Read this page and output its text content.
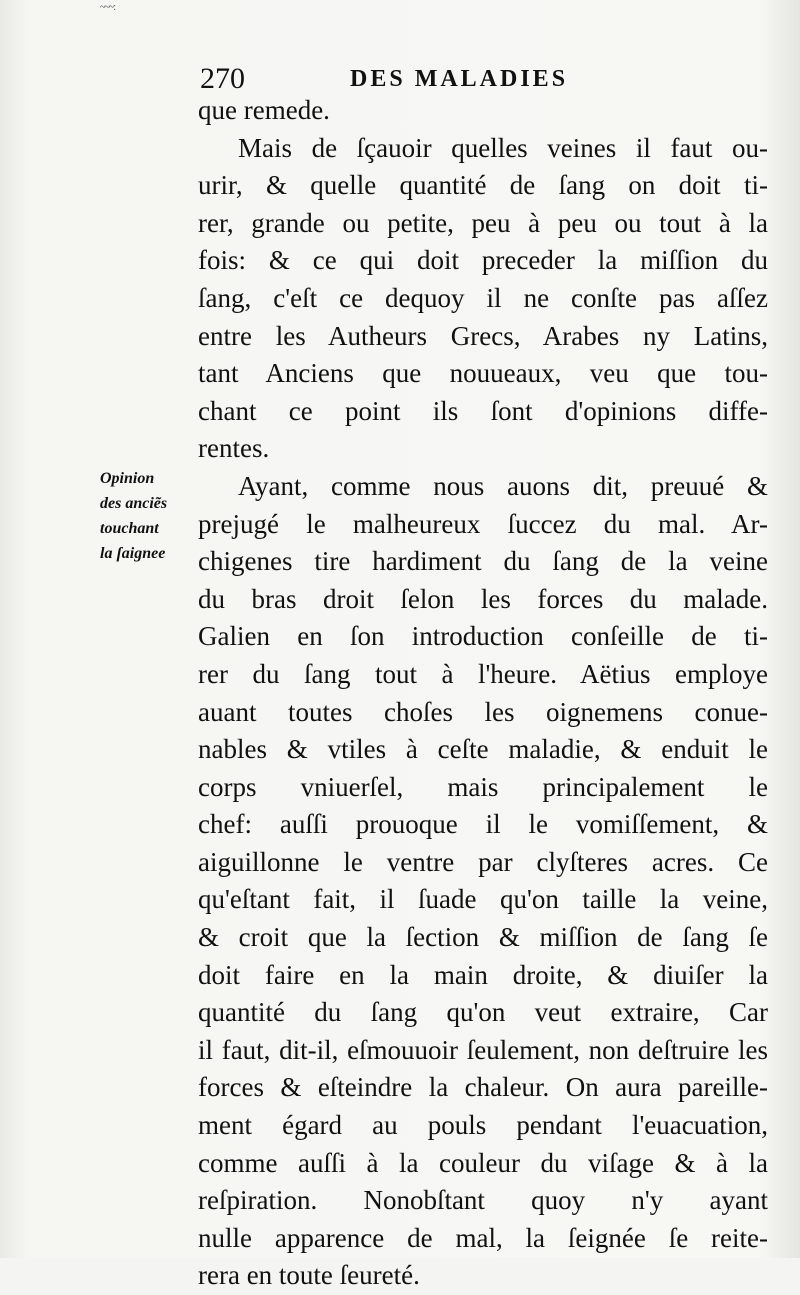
~~~:
270	DES MALADIES
Opinion
des anciẽs
touchant
la ſaignee
que remede.
Mais de ſçauoir quelles veines il faut ou-
urir, & quelle quantité de ſang on doit ti-
rer, grande ou petite, peu à peu ou tout à la
fois: & ce qui doit preceder la miſſion du
ſang, c'eſt ce dequoy il ne conſte pas aſſez
entre les Autheurs Grecs, Arabes ny Latins,
tant Anciens que nouueaux, veu que tou-
chant ce point ils ſont d'opinions diffe-
rentes.
Ayant, comme nous auons dit, preuué &
prejugé le malheureux ſuccez du mal. Ar-
chigenes tire hardiment du ſang de la veine
du bras droit ſelon les forces du malade.
Galien en ſon introduction conſeille de ti-
rer du ſang tout à l'heure. Aëtius employe
auant toutes choſes les oignemens conue-
nables & vtiles à ceſte maladie, & enduit le
corps vniuerſel, mais principalement le
chef: auſſi prouoque il le vomiſſement, &
aiguillonne le ventre par clyſteres acres. Ce
qu'eſtant fait, il ſuade qu'on taille la veine,
& croit que la ſection & miſſion de ſang ſe
doit faire en la main droite, & diuiſer la
quantité du ſang qu'on veut extraire, Car
il faut, dit-il, eſmouuoir ſeulement, non deſtruire les
forces & eſteindre la chaleur. On aura pareille-
ment égard au pouls pendant l'euacuation,
comme auſſi à la couleur du viſage & à la
reſpiration. Nonobſtant quoy n'y ayant
nulle apparence de mal, la ſeignée ſe reite-
rera en toute ſeureté.
